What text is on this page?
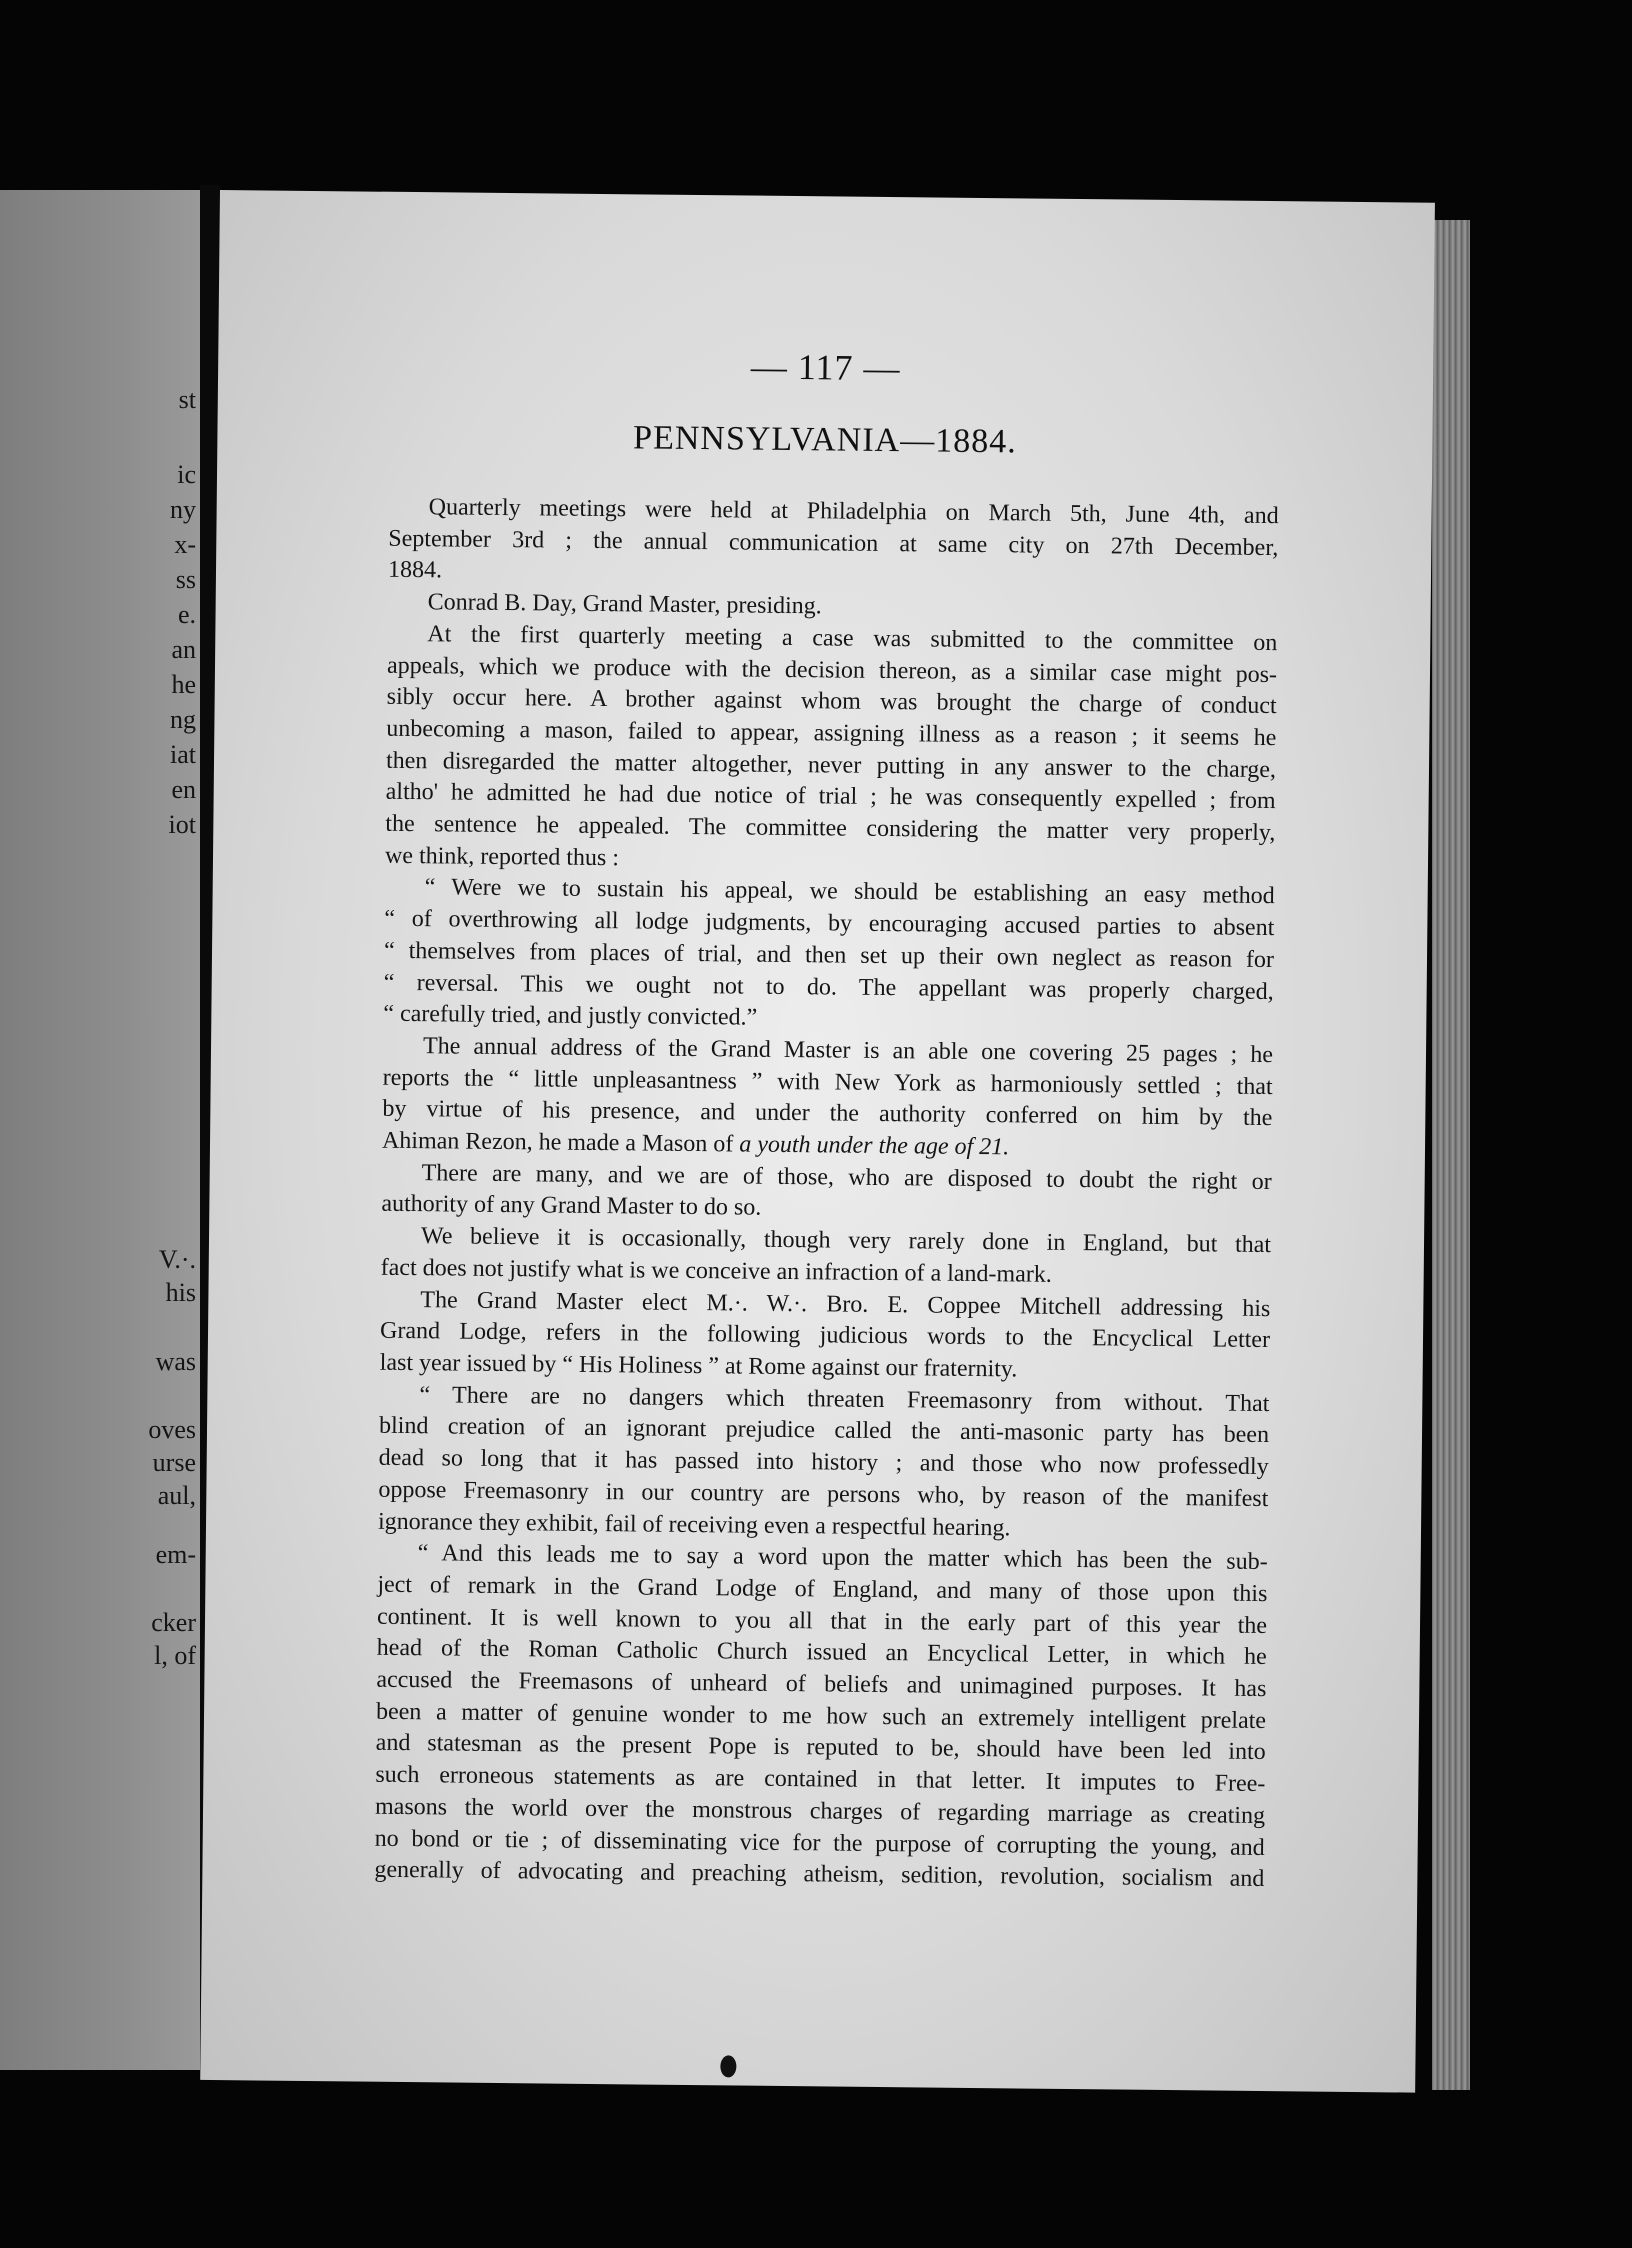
st
ic
ny
x-
ss
e.
an
he
ng
iat
en
iot
V.·.
his
was
oves
urse
aul,
em-
cker
l, of
— 117 —
PENNSYLVANIA—1884.

Quarterly meetings were held at Philadelphia on March 5th, June 4th, and
September 3rd ; the annual communication at same city on 27th December,
1884.

Conrad B. Day, Grand Master, presiding.

At the first quarterly meeting a case was submitted to the committee on
appeals, which we produce with the decision thereon, as a similar case might pos-
sibly occur here. A brother against whom was brought the charge of conduct
unbecoming a mason, failed to appear, assigning illness as a reason ; it seems he
then disregarded the matter altogether, never putting in any answer to the charge,
altho' he admitted he had due notice of trial ; he was consequently expelled ; from
the sentence he appealed. The committee considering the matter very properly,
we think, reported thus :

“ Were we to sustain his appeal, we should be establishing an easy method
“ of overthrowing all lodge judgments, by encouraging accused parties to absent
“ themselves from places of trial, and then set up their own neglect as reason for
“ reversal. This we ought not to do. The appellant was properly charged,
“ carefully tried, and justly convicted.”

The annual address of the Grand Master is an able one covering 25 pages ; he
reports the “ little unpleasantness ” with New York as harmoniously settled ; that
by virtue of his presence, and under the authority conferred on him by the
Ahiman Rezon, he made a Mason of a youth under the age of 21.

There are many, and we are of those, who are disposed to doubt the right or
authority of any Grand Master to do so.

We believe it is occasionally, though very rarely done in England, but that
fact does not justify what is we conceive an infraction of a land-mark.

The Grand Master elect M.·. W.·. Bro. E. Coppee Mitchell addressing his
Grand Lodge, refers in the following judicious words to the Encyclical Letter
last year issued by “ His Holiness ” at Rome against our fraternity.

“ There are no dangers which threaten Freemasonry from without. That
blind creation of an ignorant prejudice called the anti-masonic party has been
dead so long that it has passed into history ; and those who now professedly
oppose Freemasonry in our country are persons who, by reason of the manifest
ignorance they exhibit, fail of receiving even a respectful hearing.

“ And this leads me to say a word upon the matter which has been the sub-
ject of remark in the Grand Lodge of England, and many of those upon this
continent. It is well known to you all that in the early part of this year the
head of the Roman Catholic Church issued an Encyclical Letter, in which he
accused the Freemasons of unheard of beliefs and unimagined purposes. It has
been a matter of genuine wonder to me how such an extremely intelligent prelate
and statesman as the present Pope is reputed to be, should have been led into
such erroneous statements as are contained in that letter. It imputes to Free-
masons the world over the monstrous charges of regarding marriage as creating
no bond or tie ; of disseminating vice for the purpose of corrupting the young, and
generally of advocating and preaching atheism, sedition, revolution, socialism and
